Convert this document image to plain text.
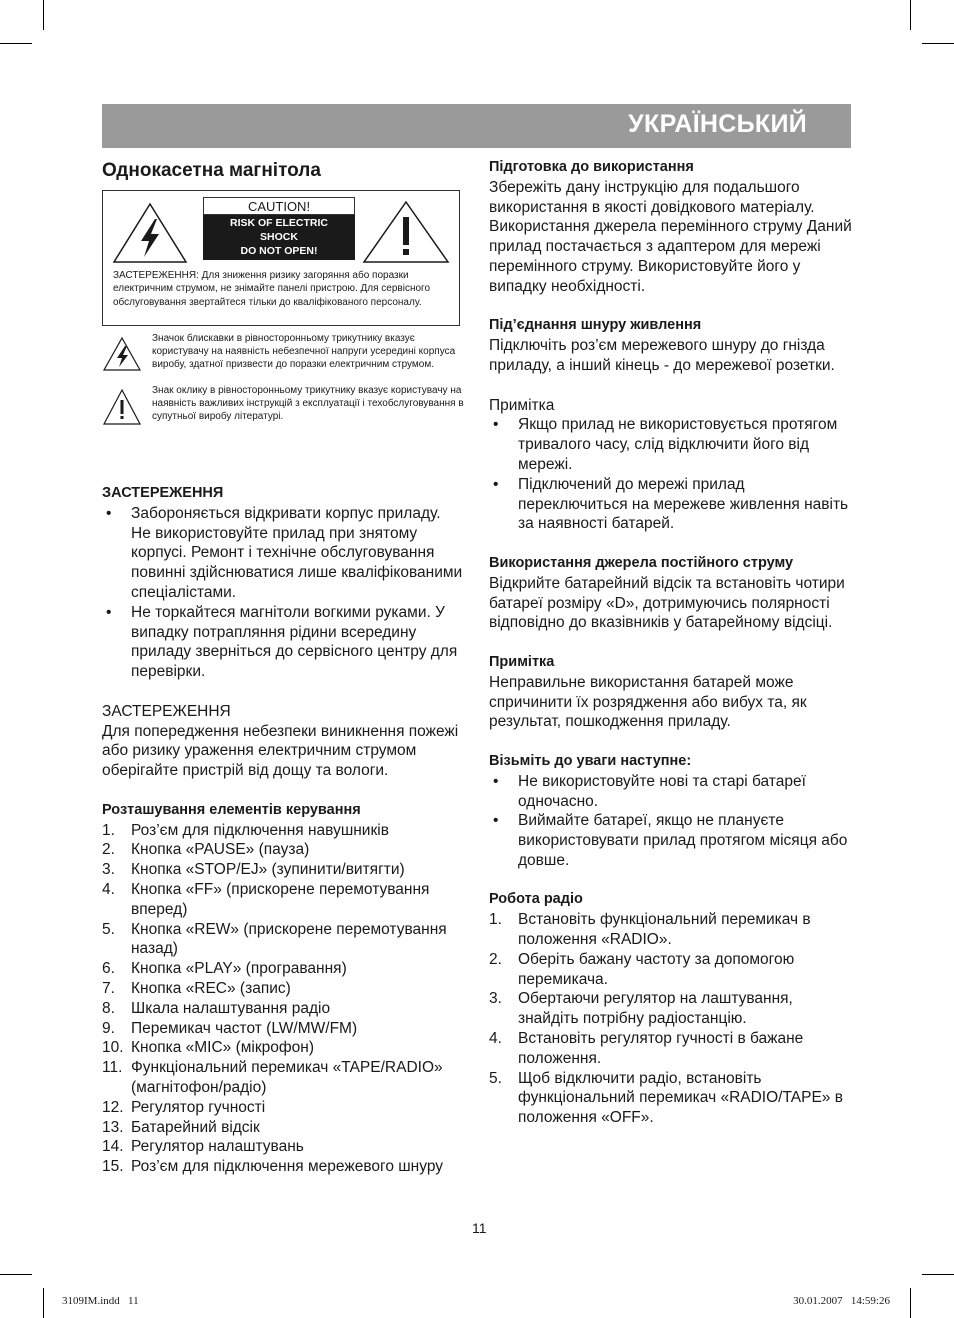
УКРАЇНСЬКИЙ
Однокасетна магнітола
CAUTION!
RISK OF ELECTRIC
SHOCK
DO NOT OPEN!
ЗАСТЕРЕЖЕННЯ: Для зниження ризику загоряння або поразки електричним струмом, не знімайте панелі пристрою. Для сервісного обслуговування звертайтеся тільки до кваліфікованого персоналу.
Значок блискавки в рівносторонньому трикутнику вказує користувачу на наявність небезпечної напруги усередині корпуса виробу, здатної призвести до поразки електричним струмом.
Знак оклику в рівносторонньому трикутнику вказує користувачу на наявність важливих інструкцій з експлуатації і техобслуговування в супутньої виробу літературі.
ЗАСТЕРЕЖЕННЯ
• Забороняється відкривати корпус приладу. Не використовуйте прилад при знятому корпусі. Ремонт і технічне обслуговування повинні здійснюватися лише кваліфікованими спеціалістами.
• Не торкайтеся магнітоли вогкими руками. У випадку потрапляння рідини всередину приладу зверніться до сервісного центру для перевірки.
ЗАСТЕРЕЖЕННЯ

Для попередження небезпеки виникнення пожежі або ризику ураження електричним струмом оберігайте пристрій від дощу та вологи.

Розташування елементів керування
1. Роз’єм для підключення навушників
2. Кнопка «PAUSE» (пауза)
3. Кнопка «STOP/EJ» (зупинити/витягти)
4. Кнопка «FF» (прискорене перемотування вперед)
5. Кнопка «REW» (прискорене перемотування назад)
6. Кнопка «PLAY» (програвання)
7. Кнопка «REC» (запис)
8. Шкала налаштування радіо
9. Перемикач частот (LW/MW/FM)
10. Кнопка «MIC» (мікрофон)
11. Функціональний перемикач «TAPE/RADIO» (магнітофон/радіо)
12. Регулятор гучності
13. Батарейний відсік
14. Регулятор налаштувань
15. Роз’єм для підключення мережевого шнуру
Підготовка до використання

Збережіть дану інструкцію для подальшого використання в якості довідкового матеріалу. Використання джерела перемінного струму Даний прилад постачається з адаптером для мережі перемінного струму. Використовуйте його у випадку необхідності.

Під’єднання шнуру живлення

Підключіть роз’єм мережевого шнуру до гнізда приладу, а інший кінець - до мережевої розетки.

Примітка
• Якщо прилад не використовується протягом тривалого часу, слід відключити його від мережі.
• Підключений до мережі прилад переключиться на мережеве живлення навіть за наявності батарей.
Використання джерела постійного струму

Відкрийте батарейний відсік та встановіть чотири батареї розміру «D», дотримуючись полярності відповідно до вказівників у батарейному відсіці.

Примітка

Неправильне використання батарей може спричинити їх розрядження або вибух та, як результат, пошкодження приладу.

Візьміть до уваги наступне:
• Не використовуйте нові та старі батареї одночасно.
• Виймайте батареї, якщо не плануєте використовувати прилад протягом місяця або довше.
Робота радіо
1. Встановіть функціональний перемикач в положення «RADIO».
2. Оберіть бажану частоту за допомогою перемикача.
3. Обертаючи регулятор на лаштування, знайдіть потрібну радіостанцію.
4. Встановіть регулятор гучності в бажане положення.
5. Щоб відключити радіо, встановіть функціональний перемикач «RADIO/TAPE» в положення «OFF».
11
3109IM.indd   11	30.01.2007   14:59:26
